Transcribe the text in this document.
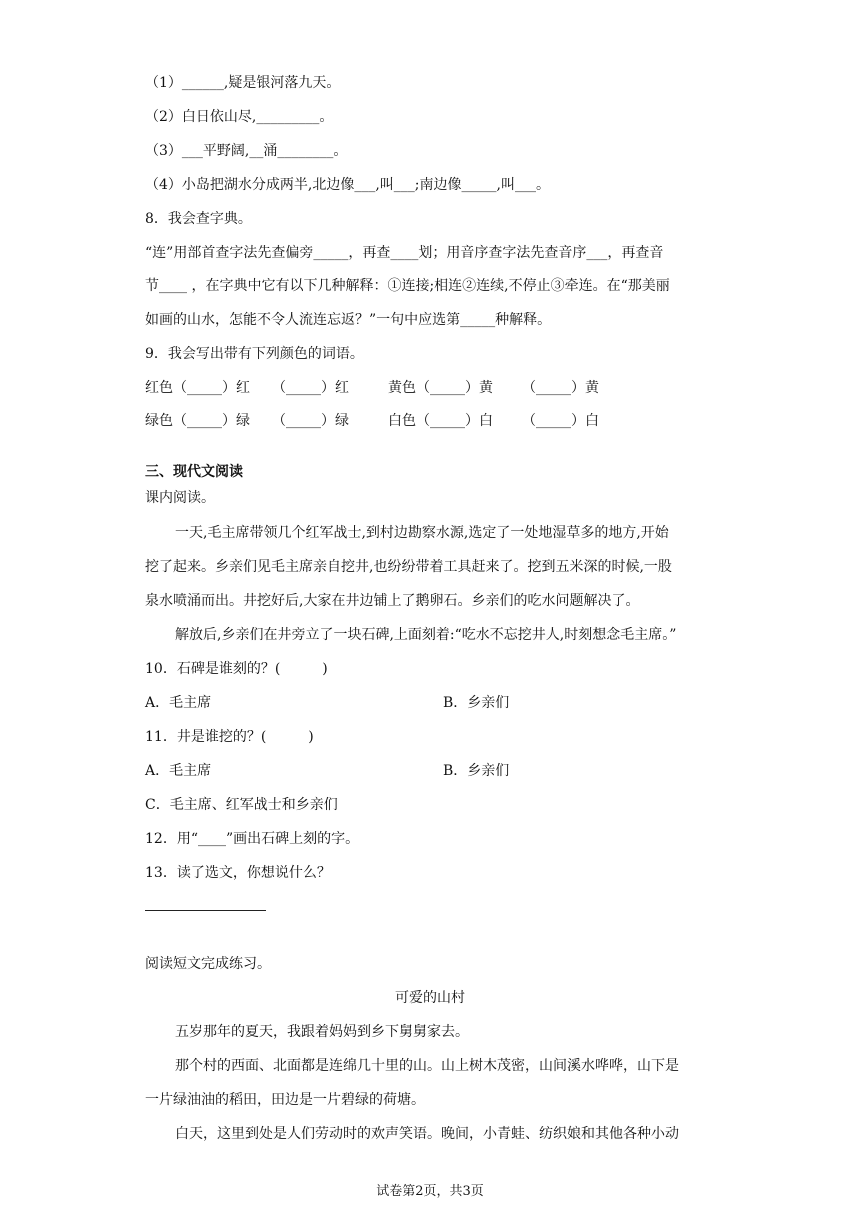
（1）______,疑是银河落九天。
（2）白日依山尽,_________。
（3）___平野阔,__涌________。
（4）小岛把湖水分成两半,北边像___,叫___;南边像_____,叫___。
8．我会查字典。
“连”用部首查字法先查偏旁_____，再查____划；用音序查字法先查音序___，再查音
节____ ，在字典中它有以下几种解释：①连接;相连②连续,不停止③牵连。在“那美丽
如画的山水，怎能不令人流连忘返？”一句中应选第_____种解释。
9．我会写出带有下列颜色的词语。
红色（_____）红 （_____）红	黄色（_____）黄 （_____）黄
绿色（_____）绿 （_____）绿	白色（_____）白 （_____）白
三、现代文阅读
课内阅读。
一天,毛主席带领几个红军战士,到村边勘察水源,选定了一处地湿草多的地方,开始
挖了起来。乡亲们见毛主席亲自挖井,也纷纷带着工具赶来了。挖到五米深的时候,一股
泉水喷涌而出。井挖好后,大家在井边铺上了鹅卵石。乡亲们的吃水问题解决了。
解放后,乡亲们在井旁立了一块石碑,上面刻着:“吃水不忘挖井人,时刻想念毛主席。”
10．石碑是谁刻的？(　　　)
A．毛主席	B．乡亲们
11．井是谁挖的？(　　　)
A．毛主席	B．乡亲们
C．毛主席、红军战士和乡亲们
12．用“____”画出石碑上刻的字。
13．读了选文，你想说什么？
阅读短文完成练习。
可爱的山村
五岁那年的夏天，我跟着妈妈到乡下舅舅家去。
那个村的西面、北面都是连绵几十里的山。山上树木茂密，山间溪水哗哗，山下是
一片绿油油的稻田，田边是一片碧绿的荷塘。
白天，这里到处是人们劳动时的欢声笑语。晚间，小青蛙、纺织娘和其他各种小动
试卷第2页，共3页
